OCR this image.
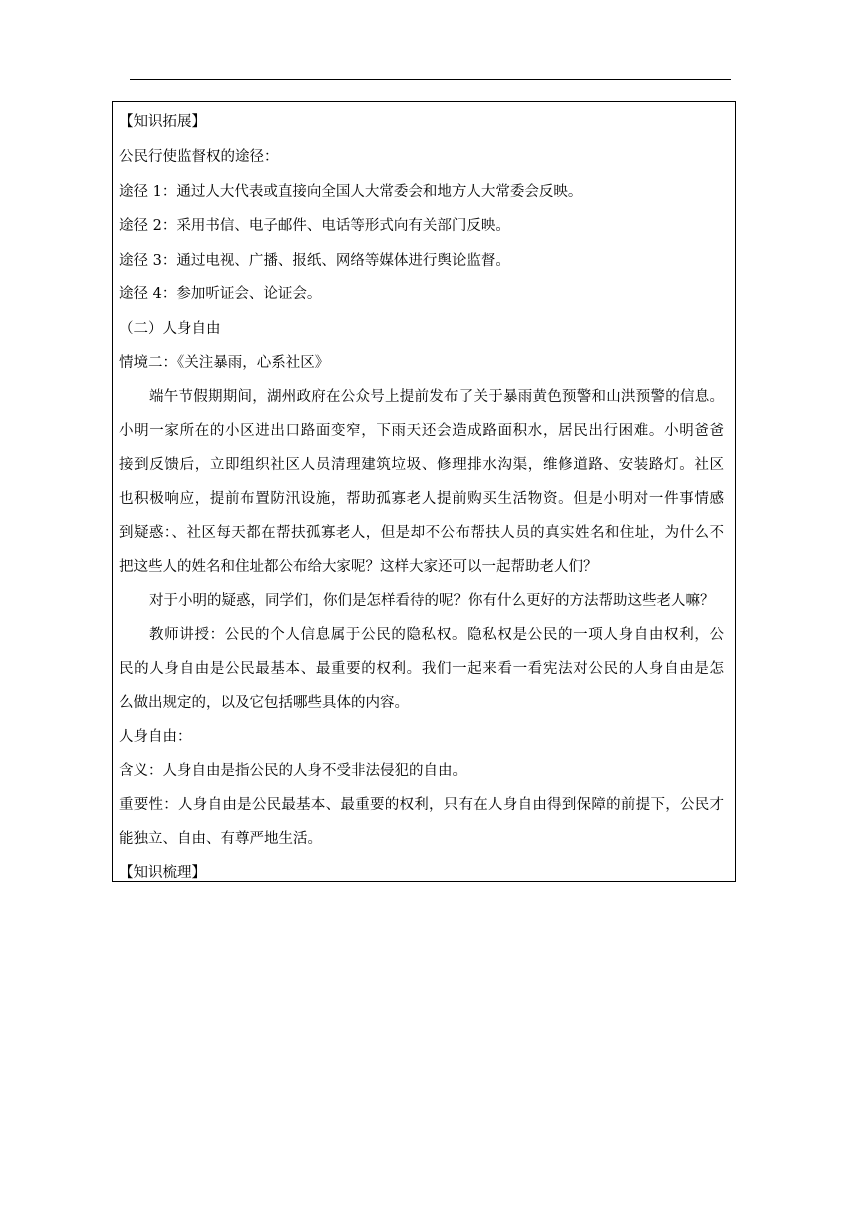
【知识拓展】
公民行使监督权的途径：
途径 1：通过人大代表或直接向全国人大常委会和地方人大常委会反映。
途径 2：采用书信、电子邮件、电话等形式向有关部门反映。
途径 3：通过电视、广播、报纸、网络等媒体进行舆论监督。
途径 4：参加听证会、论证会。
（二）人身自由
情境二：《关注暴雨，心系社区》
端午节假期期间，湖州政府在公众号上提前发布了关于暴雨黄色预警和山洪预警的信息。
小明一家所在的小区进出口路面变窄，下雨天还会造成路面积水，居民出行困难。小明爸爸
接到反馈后，立即组织社区人员清理建筑垃圾、修理排水沟渠，维修道路、安装路灯。社区
也积极响应，提前布置防汛设施，帮助孤寡老人提前购买生活物资。但是小明对一件事情感
到疑惑：、社区每天都在帮扶孤寡老人，但是却不公布帮扶人员的真实姓名和住址，为什么不
把这些人的姓名和住址都公布给大家呢？这样大家还可以一起帮助老人们？
对于小明的疑惑，同学们，你们是怎样看待的呢？你有什么更好的方法帮助这些老人嘛？
教师讲授：公民的个人信息属于公民的隐私权。隐私权是公民的一项人身自由权利，公
民的人身自由是公民最基本、最重要的权利。我们一起来看一看宪法对公民的人身自由是怎
么做出规定的，以及它包括哪些具体的内容。
人身自由：
含义：人身自由是指公民的人身不受非法侵犯的自由。
重要性：人身自由是公民最基本、最重要的权利，只有在人身自由得到保障的前提下，公民才
能独立、自由、有尊严地生活。
【知识梳理】
